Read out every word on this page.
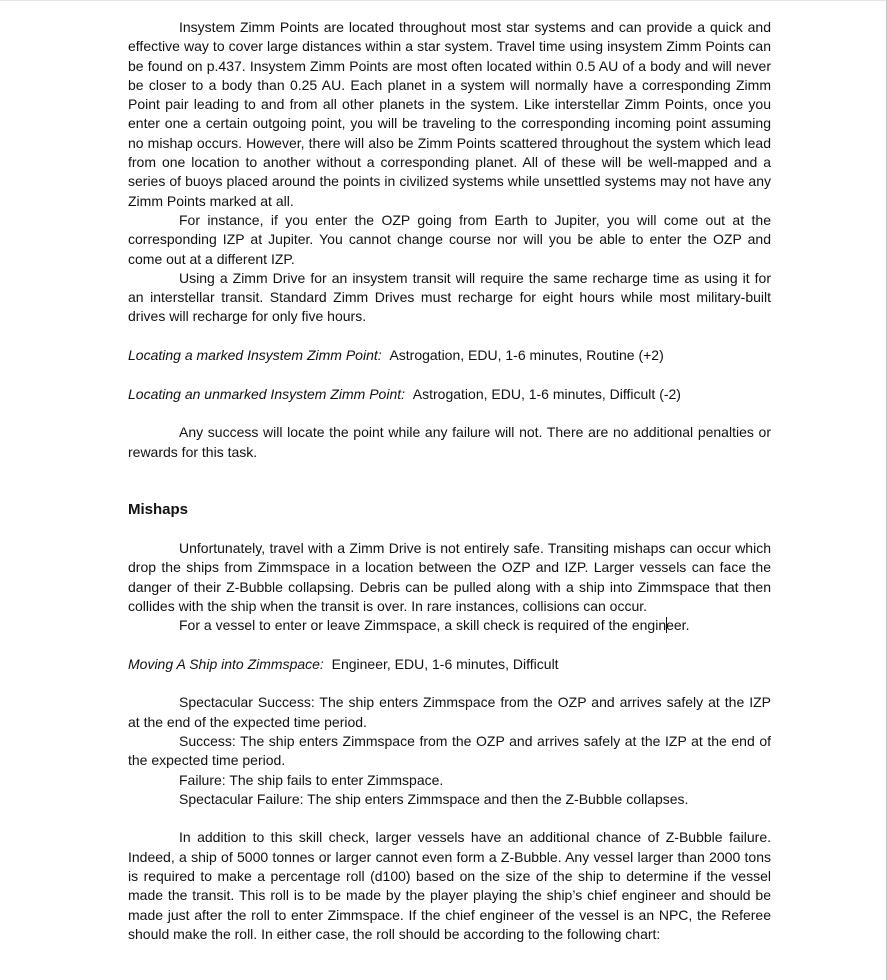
Insystem Zimm Points are located throughout most star systems and can provide a quick and effective way to cover large distances within a star system. Travel time using insystem Zimm Points can be found on p.437. Insystem Zimm Points are most often located within 0.5 AU of a body and will never be closer to a body than 0.25 AU. Each planet in a system will normally have a corresponding Zimm Point pair leading to and from all other planets in the system. Like interstellar Zimm Points, once you enter one a certain outgoing point, you will be traveling to the corresponding incoming point assuming no mishap occurs. However, there will also be Zimm Points scattered throughout the system which lead from one location to another without a corresponding planet. All of these will be well-mapped and a series of buoys placed around the points in civilized systems while unsettled systems may not have any Zimm Points marked at all.

For instance, if you enter the OZP going from Earth to Jupiter, you will come out at the corresponding IZP at Jupiter. You cannot change course nor will you be able to enter the OZP and come out at a different IZP.

Using a Zimm Drive for an insystem transit will require the same recharge time as using it for an interstellar transit. Standard Zimm Drives must recharge for eight hours while most military-built drives will recharge for only five hours.

Locating a marked Insystem Zimm Point: Astrogation, EDU, 1-6 minutes, Routine (+2)

Locating an unmarked Insystem Zimm Point: Astrogation, EDU, 1-6 minutes, Difficult (-2)

Any success will locate the point while any failure will not. There are no additional penalties or rewards for this task.

Mishaps

Unfortunately, travel with a Zimm Drive is not entirely safe. Transiting mishaps can occur which drop the ships from Zimmspace in a location between the OZP and IZP. Larger vessels can face the danger of their Z-Bubble collapsing. Debris can be pulled along with a ship into Zimmspace that then collides with the ship when the transit is over. In rare instances, collisions can occur.

For a vessel to enter or leave Zimmspace, a skill check is required of the engineer.

Moving A Ship into Zimmspace: Engineer, EDU, 1-6 minutes, Difficult

Spectacular Success: The ship enters Zimmspace from the OZP and arrives safely at the IZP at the end of the expected time period.

Success: The ship enters Zimmspace from the OZP and arrives safely at the IZP at the end of the expected time period.

Failure: The ship fails to enter Zimmspace.

Spectacular Failure: The ship enters Zimmspace and then the Z-Bubble collapses.

In addition to this skill check, larger vessels have an additional chance of Z-Bubble failure. Indeed, a ship of 5000 tonnes or larger cannot even form a Z-Bubble. Any vessel larger than 2000 tons is required to make a percentage roll (d100) based on the size of the ship to determine if the vessel made the transit. This roll is to be made by the player playing the ship’s chief engineer and should be made just after the roll to enter Zimmspace. If the chief engineer of the vessel is an NPC, the Referee should make the roll. In either case, the roll should be according to the following chart:
